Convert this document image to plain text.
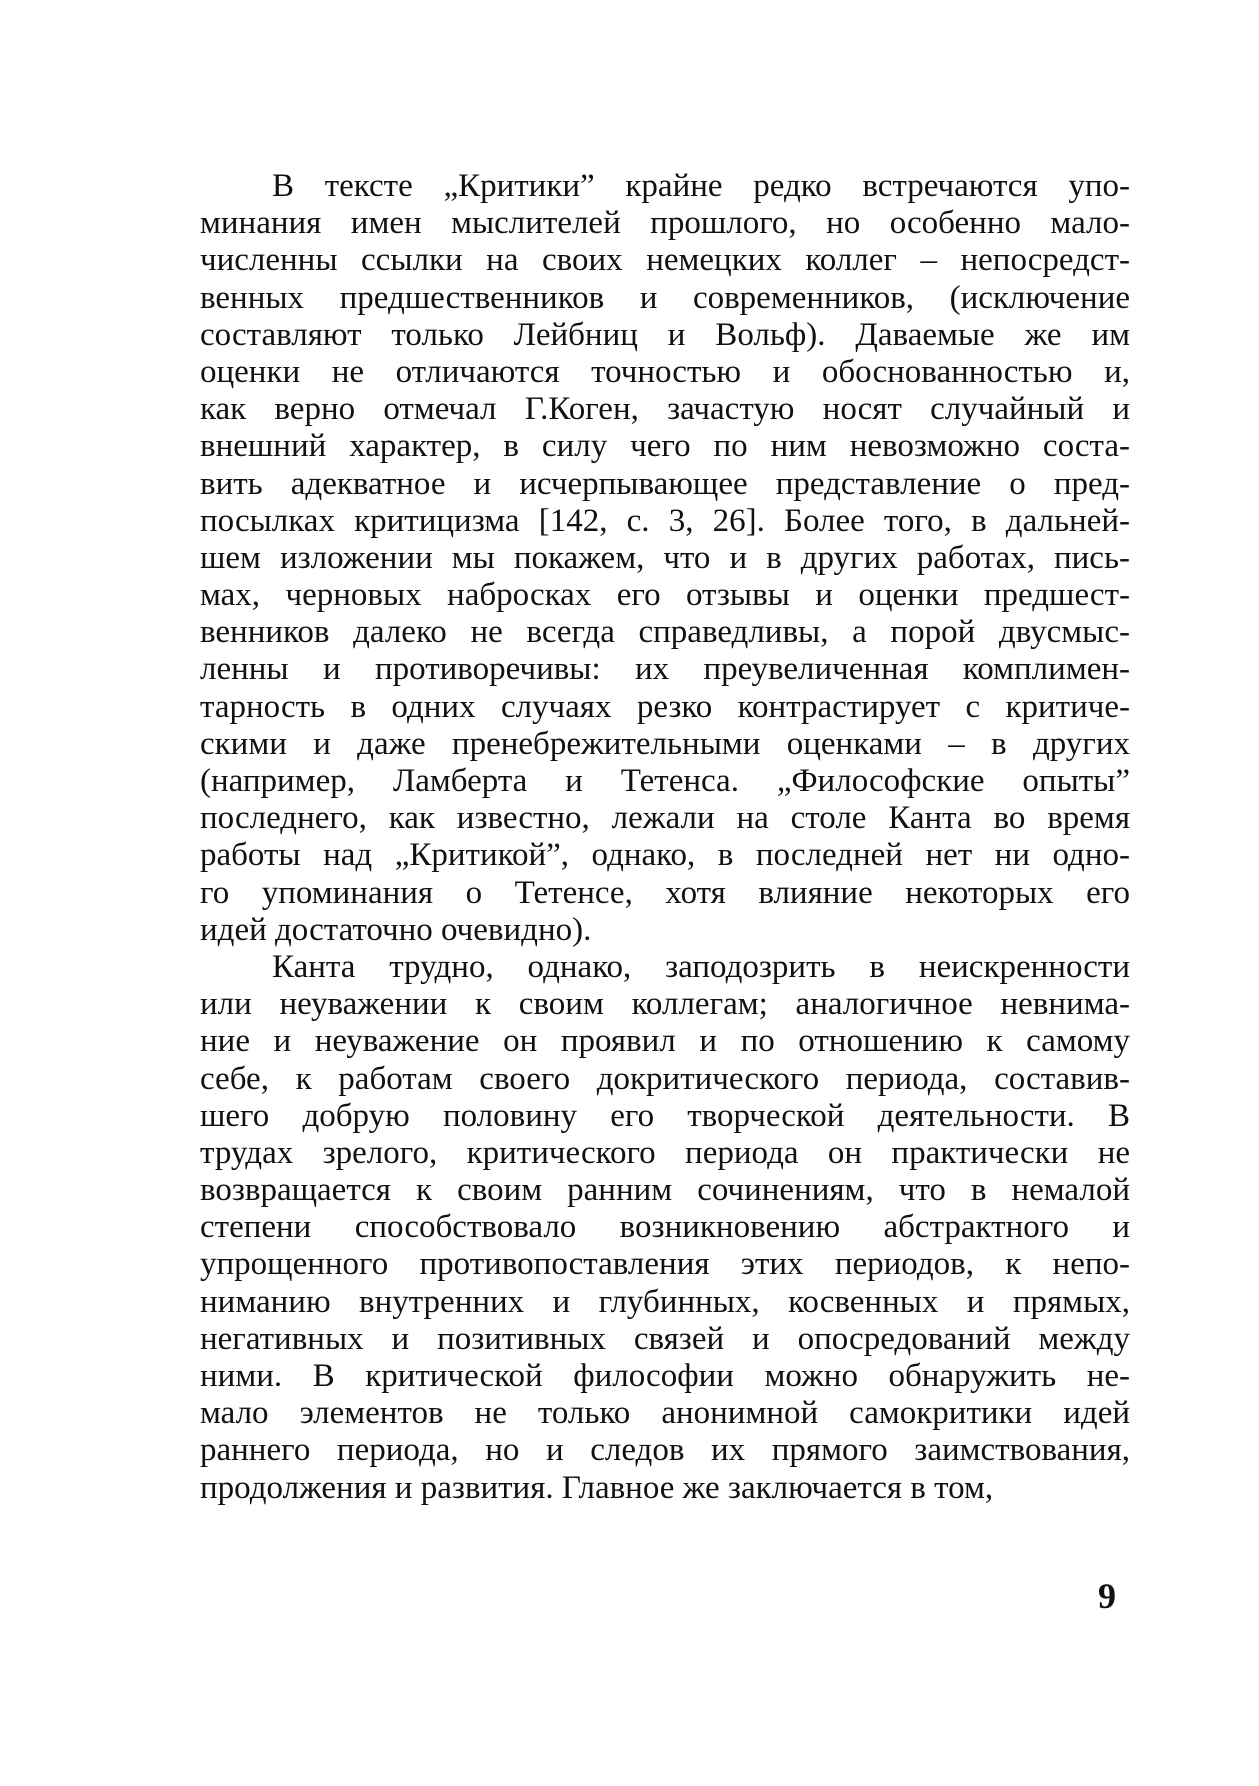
В тексте „Критики” крайне редко встречаются упо-
минания имен мыслителей прошлого, но особенно мало-
численны ссылки на своих немецких коллег – непосредст-
венных предшественников и современников, (исключение
составляют только Лейбниц и Вольф). Даваемые же им
оценки не отличаются точностью и обоснованностью и,
как верно отмечал Г.Коген, зачастую носят случайный и
внешний характер, в силу чего по ним невозможно соста-
вить адекватное и исчерпывающее представление о пред-
посылках критицизма [142, с. 3, 26]. Более того, в дальней-
шем изложении мы покажем, что и в других работах, пись-
мах, черновых набросках его отзывы и оценки предшест-
венников далеко не всегда справедливы, а порой двусмыс-
ленны и противоречивы: их преувеличенная комплимен-
тарность в одних случаях резко контрастирует с критиче-
скими и даже пренебрежительными оценками – в других
(например, Ламберта и Тетенса. „Философские опыты”
последнего, как известно, лежали на столе Канта во время
работы над „Критикой”, однако, в последней нет ни одно-
го упоминания о Тетенсе, хотя влияние некоторых его
идей достаточно очевидно).
Канта трудно, однако, заподозрить в неискренности
или неуважении к своим коллегам; аналогичное невнима-
ние и неуважение он проявил и по отношению к самому
себе, к работам своего докритического периода, составив-
шего добрую половину его творческой деятельности. В
трудах зрелого, критического периода он практически не
возвращается к своим ранним сочинениям, что в немалой
степени способствовало возникновению абстрактного и
упрощенного противопоставления этих периодов, к непо-
ниманию внутренних и глубинных, косвенных и прямых,
негативных и позитивных связей и опосредований между
ними. В критической философии можно обнаружить не-
мало элементов не только анонимной самокритики идей
раннего периода, но и следов их прямого заимствования,
продолжения и развития. Главное же заключается в том,
9
